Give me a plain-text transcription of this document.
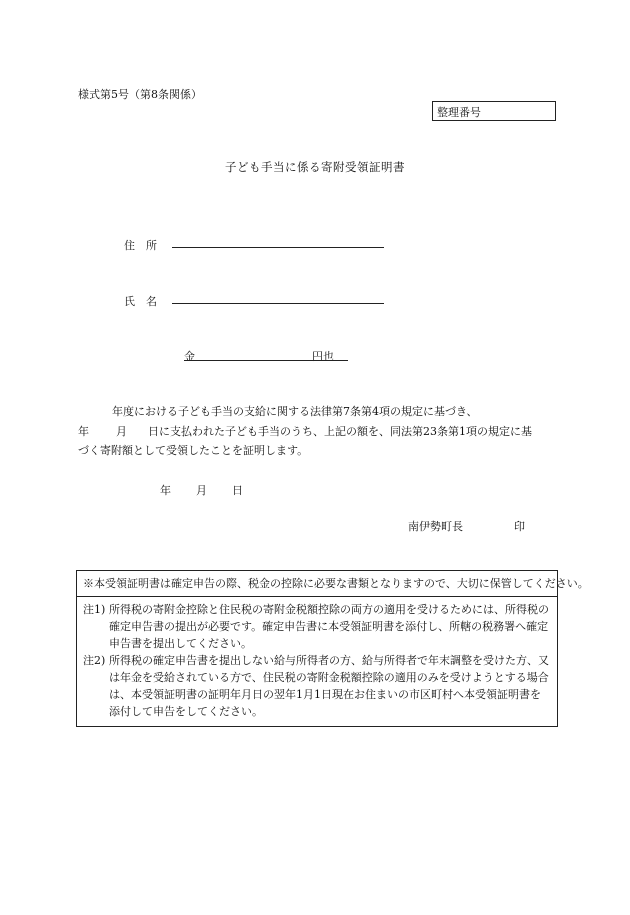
様式第5号（第8条関係）
整理番号
子ども手当に係る寄附受領証明書
住　所
氏　名
金	円也
年度における子ども手当の支給に関する法律第7条第4項の規定に基づき、
年 月 日に支払われた子ども手当のうち、上記の額を、同法第23条第1項の規定に基
づく寄附額として受領したことを証明します。
年 月 日
南伊勢町長	印
※本受領証明書は確定申告の際、税金の控除に必要な書類となりますので、大切に保管してください。
注1) 所得税の寄附金控除と住民税の寄附金税額控除の両方の適用を受けるためには、所得税の確定申告書の提出が必要です。確定申告書に本受領証明書を添付し、所轄の税務署へ確定申告書を提出してください。
注2) 所得税の確定申告書を提出しない給与所得者の方、給与所得者で年末調整を受けた方、又は年金を受給されている方で、住民税の寄附金税額控除の適用のみを受けようとする場合は、本受領証明書の証明年月日の翌年1月1日現在お住まいの市区町村へ本受領証明書を添付して申告をしてください。
